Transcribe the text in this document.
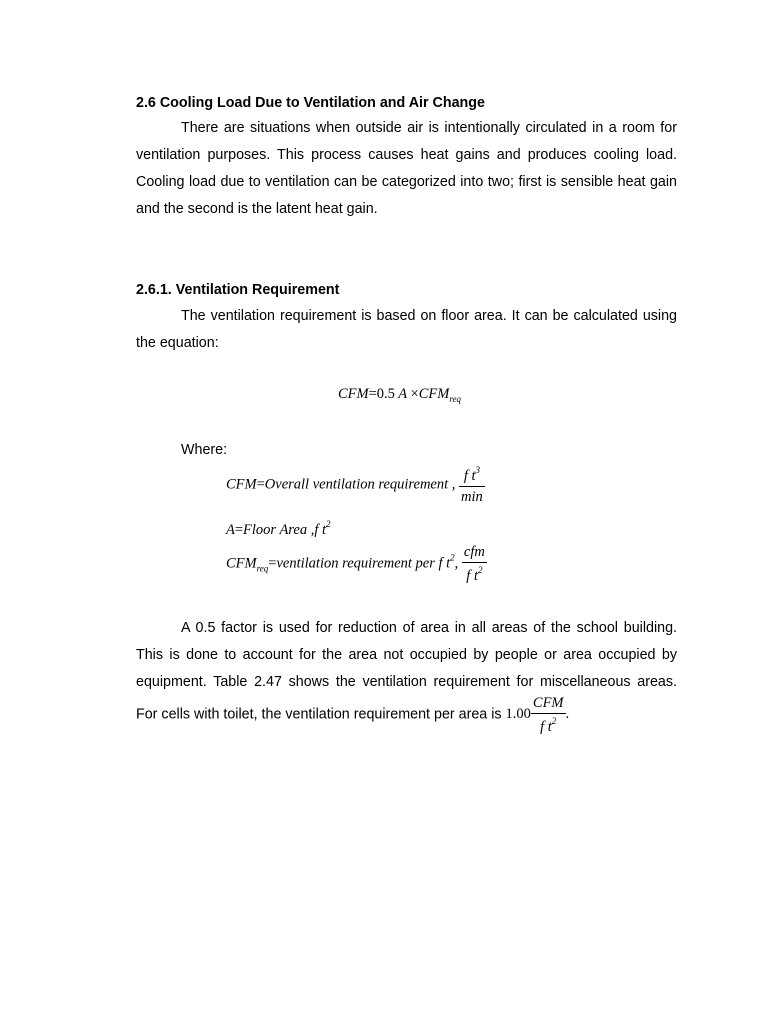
2.6 Cooling Load Due to Ventilation and Air Change
There are situations when outside air is intentionally circulated in a room for ventilation purposes. This process causes heat gains and produces cooling load. Cooling load due to ventilation can be categorized into two; first is sensible heat gain and the second is the latent heat gain.
2.6.1. Ventilation Requirement
The ventilation requirement is based on floor area. It can be calculated using the equation:
CFM=0.5 $A \times CFM_{req}$
Where:
CFM=Overall ventilation requirement , $\frac{f t^3}{\min}$
A=Floor Area ,f $t^2$
$CFM_{req}=ventilation$ requirement per f $t^2$, $\frac{\text{cfm}}{f t^2}$
A 0.5 factor is used for reduction of area in all areas of the school building. This is done to account for the area not occupied by people or area occupied by equipment. Table 2.47 shows the ventilation requirement for miscellaneous areas. For cells with toilet, the ventilation requirement per area is $1.00 \frac{\text{CFM}}{f t^2}$ .
